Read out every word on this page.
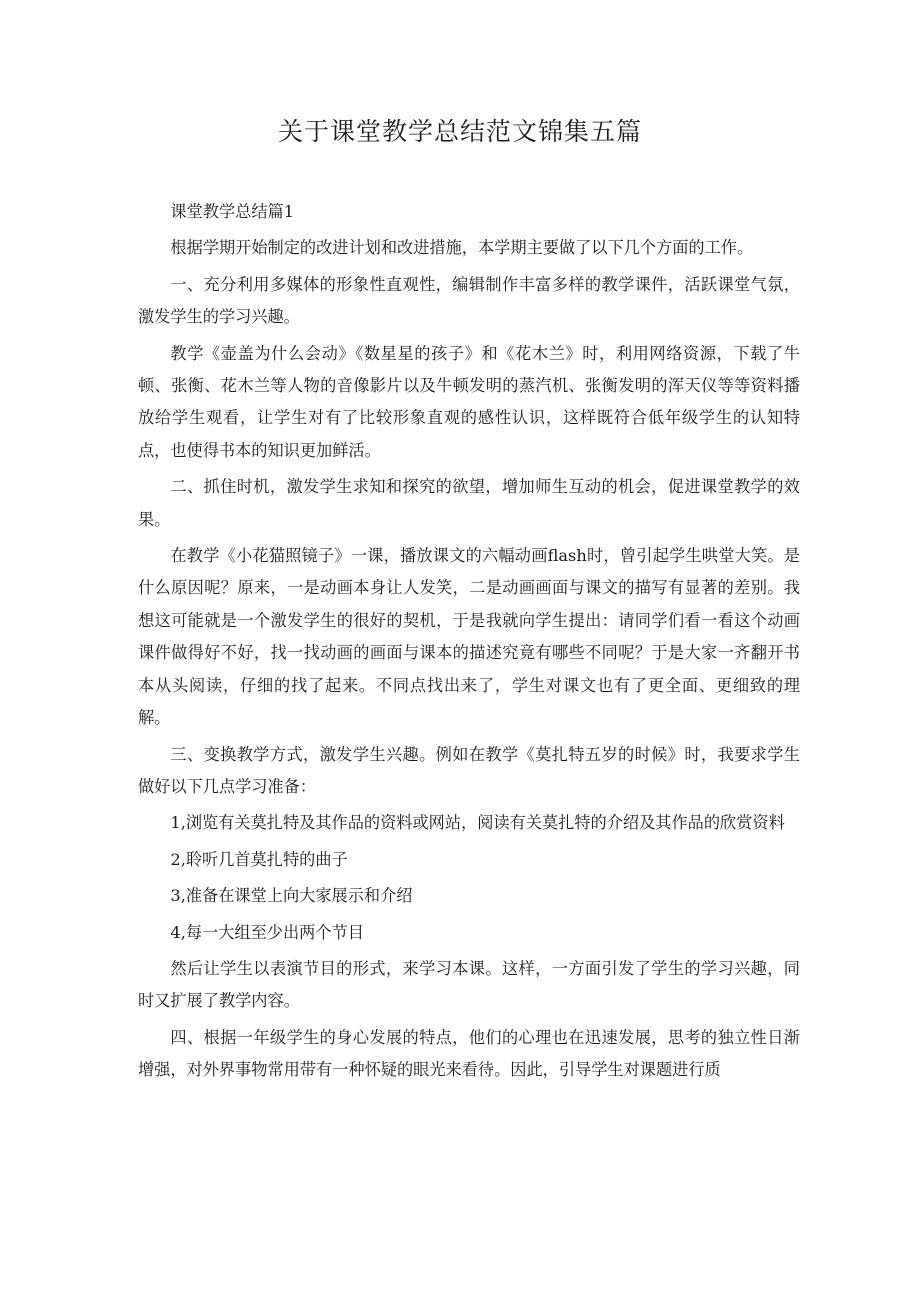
关于课堂教学总结范文锦集五篇

课堂教学总结篇1

根据学期开始制定的改进计划和改进措施，本学期主要做了以下几个方面的工作。

一、充分利用多媒体的形象性直观性，编辑制作丰富多样的教学课件，活跃课堂气氛，激发学生的学习兴趣。

教学《壶盖为什么会动》《数星星的孩子》和《花木兰》时，利用网络资源，下载了牛顿、张衡、花木兰等人物的音像影片以及牛顿发明的蒸汽机、张衡发明的浑天仪等等资料播放给学生观看，让学生对有了比较形象直观的感性认识，这样既符合低年级学生的认知特点，也使得书本的知识更加鲜活。

二、抓住时机，激发学生求知和探究的欲望，增加师生互动的机会，促进课堂教学的效果。

在教学《小花猫照镜子》一课，播放课文的六幅动画flash时，曾引起学生哄堂大笑。是什么原因呢？原来，一是动画本身让人发笑，二是动画画面与课文的描写有显著的差别。我想这可能就是一个激发学生的很好的契机，于是我就向学生提出：请同学们看一看这个动画课件做得好不好，找一找动画的画面与课本的描述究竟有哪些不同呢？于是大家一齐翻开书本从头阅读，仔细的找了起来。不同点找出来了，学生对课文也有了更全面、更细致的理解。

三、变换教学方式，激发学生兴趣。例如在教学《莫扎特五岁的时候》时，我要求学生做好以下几点学习准备：

1,浏览有关莫扎特及其作品的资料或网站，阅读有关莫扎特的介绍及其作品的欣赏资料

2,聆听几首莫扎特的曲子

3,准备在课堂上向大家展示和介绍

4,每一大组至少出两个节目

然后让学生以表演节目的形式，来学习本课。这样，一方面引发了学生的学习兴趣，同时又扩展了教学内容。

四、根据一年级学生的身心发展的特点，他们的心理也在迅速发展，思考的独立性日渐增强，对外界事物常用带有一种怀疑的眼光来看待。因此，引导学生对课题进行质
